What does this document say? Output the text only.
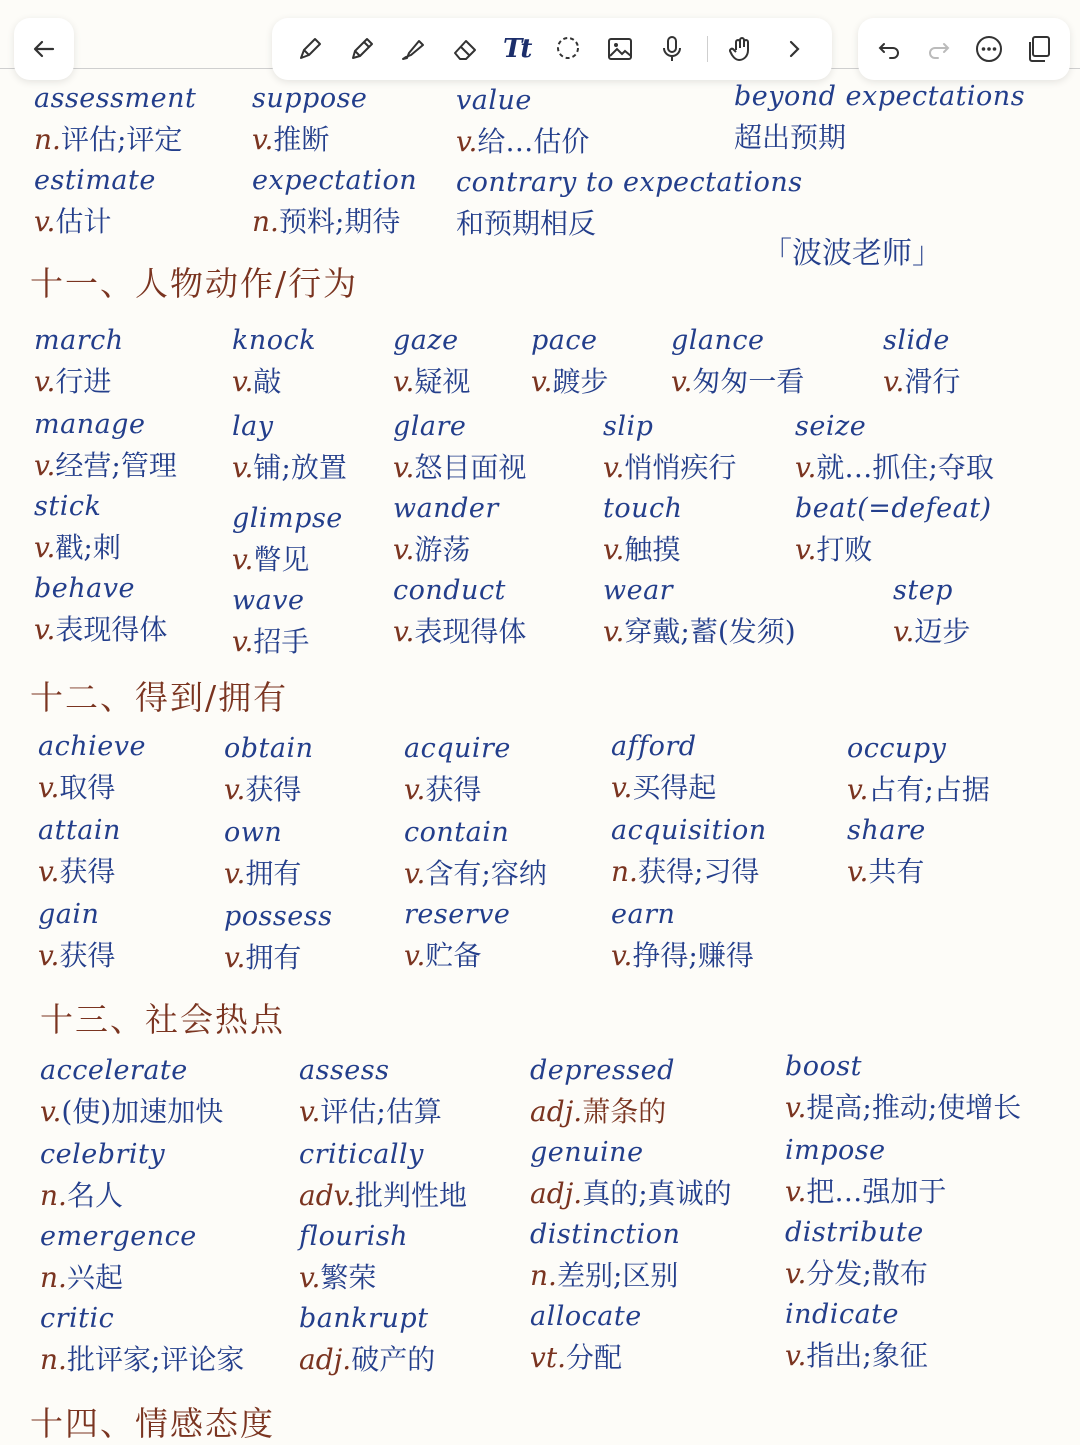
Tt
「波波老师」
assessment
n.评估;评定
suppose
v.推断
value
v.给…估价
beyond expectations
超出预期
estimate
v.估计
expectation
n.预料;期待
contrary to expectations
和预期相反
十一、人物动作/行为
march
v.行进
knock
v.敲
gaze
v.疑视
pace
v.踱步
glance
v.匆匆一看
slide
v.滑行
manage
v.经营;管理
lay
v.铺;放置
glare
v.怒目面视
slip
v.悄悄疾行
seize
v.就…抓住;夺取
stick
v.戳;刺
glimpse
v.瞥见
wander
v.游荡
touch
v.触摸
beat(=defeat)
v.打败
behave
v.表现得体
wave
v.招手
conduct
v.表现得体
wear
v.穿戴;蓄(发须)
step
v.迈步
十二、得到/拥有
achieve
v.取得
obtain
v.获得
acquire
v.获得
afford
v.买得起
occupy
v.占有;占据
attain
v.获得
own
v.拥有
contain
v.含有;容纳
acquisition
n.获得;习得
share
v.共有
gain
v.获得
possess
v.拥有
reserve
v.贮备
earn
v.挣得;赚得
十三、社会热点
accelerate
v.(使)加速加快
assess
v.评估;估算
depressed
adj.萧条的
boost
v.提高;推动;使增长
celebrity
n.名人
critically
adv.批判性地
genuine
adj.真的;真诚的
impose
v.把…强加于
emergence
n.兴起
flourish
v.繁荣
distinction
n.差别;区别
distribute
v.分发;散布
critic
n.批评家;评论家
bankrupt
adj.破产的
allocate
vt.分配
indicate
v.指出;象征
十四、情感态度
